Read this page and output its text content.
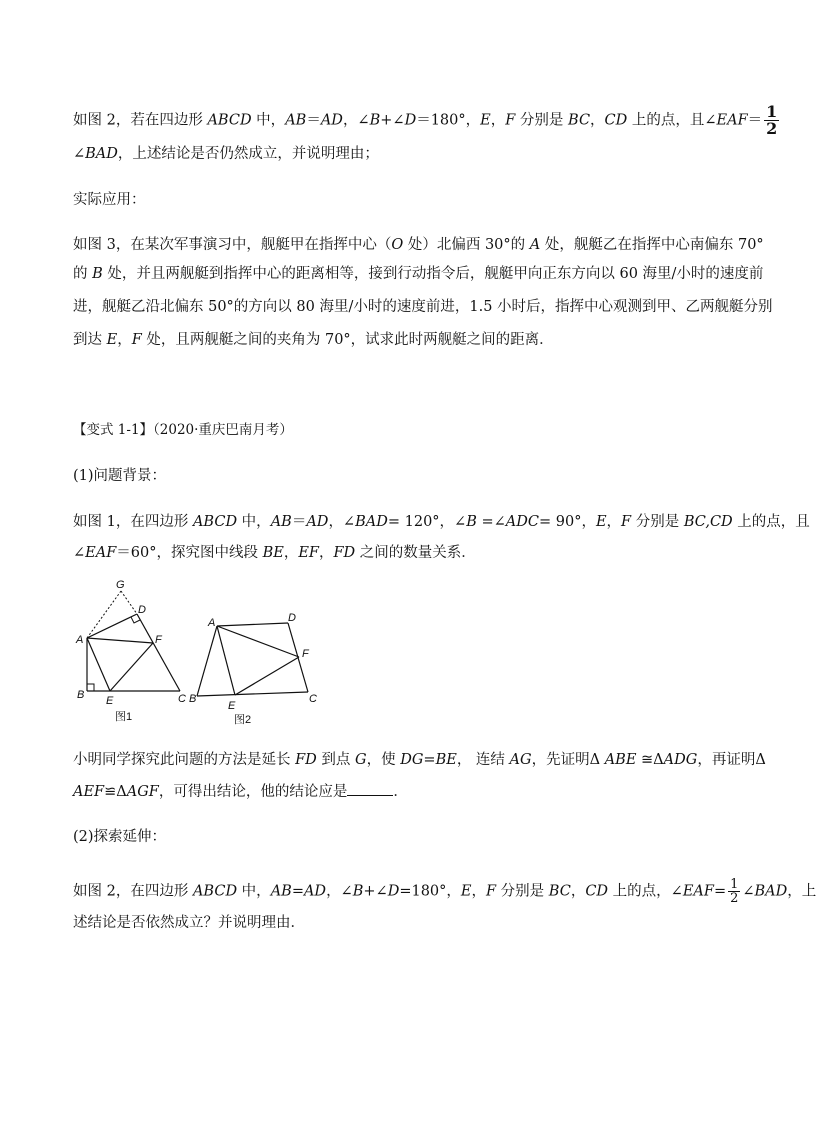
如图 2，若在四边形 ABCD 中，AB＝AD，∠B+∠D＝180°，E，F 分别是 BC，CD 上的点，且∠EAF＝ $\frac{1}{2}$
∠BAD，上述结论是否仍然成立，并说明理由；
实际应用：
如图 3，在某次军事演习中，舰艇甲在指挥中心（O 处）北偏西 30°的 A 处，舰艇乙在指挥中心南偏东 70°
的 B 处，并且两舰艇到指挥中心的距离相等，接到行动指令后，舰艇甲向正东方向以 60 海里/小时的速度前
进，舰艇乙沿北偏东 50°的方向以 80 海里/小时的速度前进，1.5 小时后，指挥中心观测到甲、乙两舰艇分别
到达 E，F 处，且两舰艇之间的夹角为 70°，试求此时两舰艇之间的距离．
【变式 1-1】（2020·重庆巴南月考）
(1)问题背景：
如图 1，在四边形 ABCD 中，AB＝AD，∠BAD= 120°，∠B =∠ADC= 90°，E，F 分别是 BC,CD 上的点，且
∠EAF＝60°，探究图中线段 BE，EF，FD 之间的数量关系．
G
D
A	F
B E	C
图1
A	D
F
B
E
C
图2
小明同学探究此问题的方法是延长 FD 到点 G，使 DG=BE， 连结 AG，先证明Δ ABE ≅ΔADG，再证明Δ
AEF≌ΔAGF，可得出结论，他的结论应是	．
(2)探索延伸：
如图 2，在四边形 ABCD 中，AB=AD，∠B+∠D=180°，E，F 分别是 BC，CD 上的点，∠EAF= $\frac{1}{2}$ ∠BAD，上
述结论是否依然成立？并说明理由．
